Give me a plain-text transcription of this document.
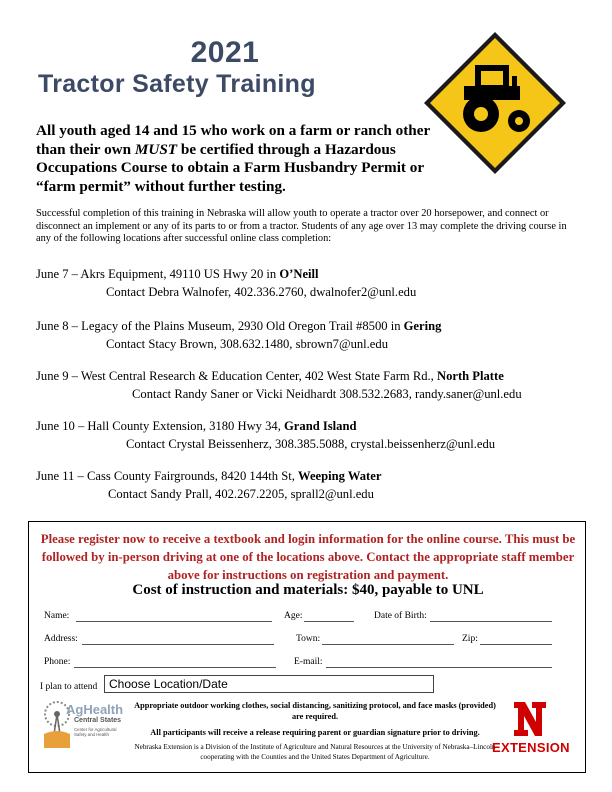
2021
Tractor Safety Training
All youth aged 14 and 15 who work on a farm or ranch other than their own MUST be certified through a Hazardous Occupations Course to obtain a Farm Husbandry Permit or “farm permit” without further testing.
Successful completion of this training in Nebraska will allow youth to operate a tractor over 20 horsepower, and connect or disconnect an implement or any of its parts to or from a tractor. Students of any age over 13 may complete the driving course in any of the following locations after successful online class completion:
June 7 – Akrs Equipment, 49110 US Hwy 20 in O’Neill
Contact Debra Walnofer, 402.336.2760, dwalnofer2@unl.edu
June 8 – Legacy of the Plains Museum, 2930 Old Oregon Trail #8500 in Gering
Contact Stacy Brown, 308.632.1480, sbrown7@unl.edu
June 9 – West Central Research & Education Center, 402 West State Farm Rd., North Platte
Contact Randy Saner or Vicki Neidhardt 308.532.2683, randy.saner@unl.edu
June 10 – Hall County Extension, 3180 Hwy 34, Grand Island
Contact Crystal Beissenherz, 308.385.5088, crystal.beissenherz@unl.edu
June 11 – Cass County Fairgrounds, 8420 144th St, Weeping Water
Contact Sandy Prall, 402.267.2205, sprall2@unl.edu
Please register now to receive a textbook and login information for the online course. This must be followed by in-person driving at one of the locations above. Contact the appropriate staff member above for instructions on registration and payment.
Cost of instruction and materials: $40, payable to UNL
Name:	Age:	Date of Birth:
Address:	Town:	Zip:
Phone:	E-mail:
I plan to attend Choose Location/Date
AgHealth
Central States
Center for Agricultural Safety and Health
Appropriate outdoor working clothes, social distancing, sanitizing protocol, and face masks (provided) are required.
All participants will receive a release requiring parent or guardian signature prior to driving.
Nebraska Extension is a Division of the Institute of Agriculture and Natural Resources at the University of Nebraska–Lincoln cooperating with the Counties and the United States Department of Agriculture.
EXTENSION
